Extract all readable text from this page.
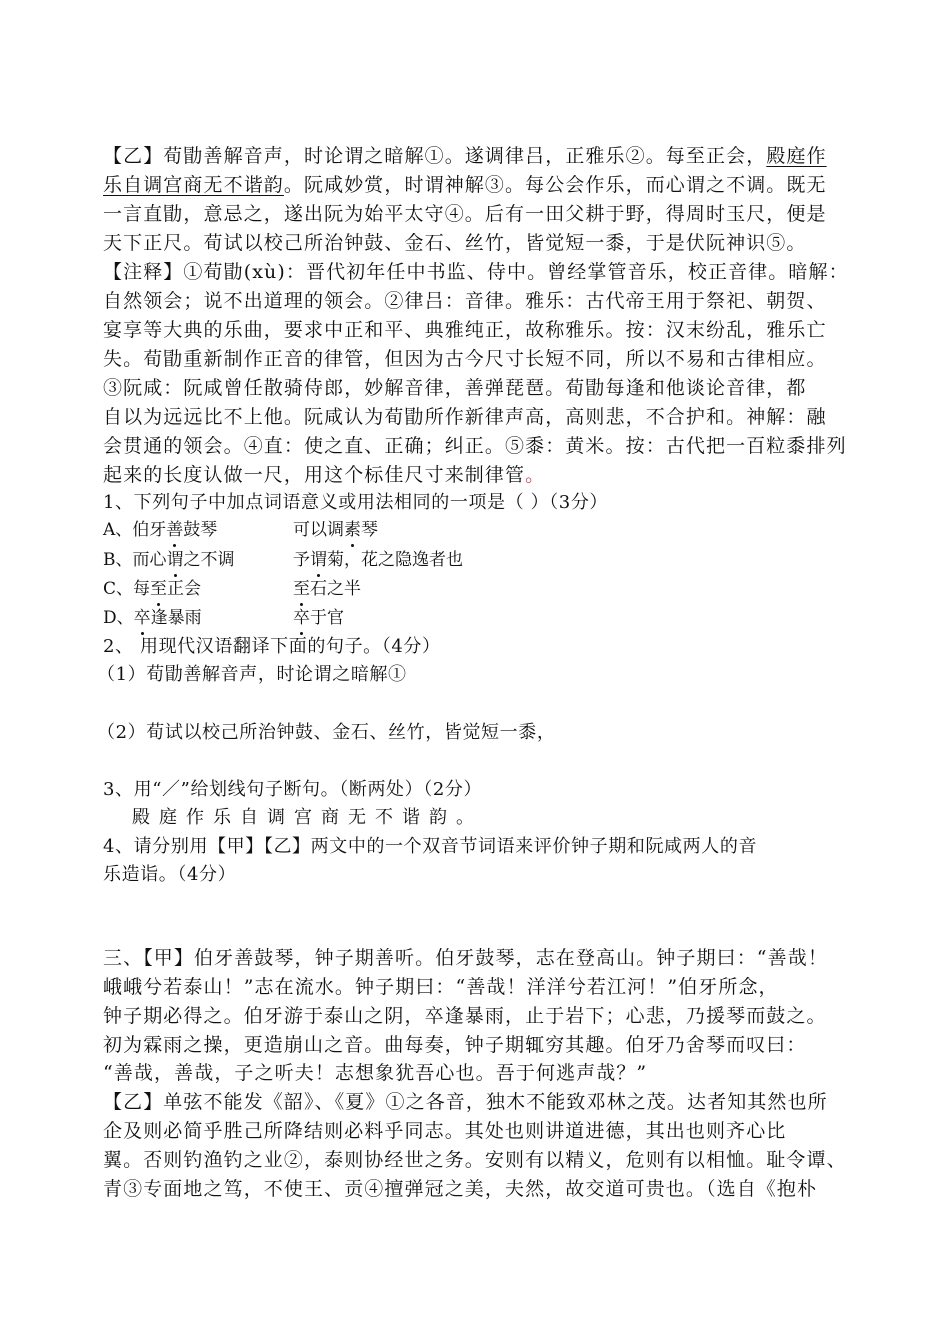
【乙】荀勖善解音声，时论谓之暗解①。遂调律吕，正雅乐②。每至正会，殿庭作
乐自调宫商无不谐韵。阮咸妙赏，时谓神解③。每公会作乐，而心谓之不调。既无
一言直勖，意忌之，遂出阮为始平太守④。后有一田父耕于野，得周时玉尺，便是
天下正尺。荀试以校己所治钟鼓、金石、丝竹，皆觉短一黍，于是伏阮神识⑤。
【注释】①荀勖(xù)：晋代初年任中书监、侍中。曾经掌管音乐，校正音律。暗解：
自然领会；说不出道理的领会。②律吕：音律。雅乐：古代帝王用于祭祀、朝贺、
宴享等大典的乐曲，要求中正和平、典雅纯正，故称雅乐。按：汉末纷乱，雅乐亡
失。荀勖重新制作正音的律管，但因为古今尺寸长短不同，所以不易和古律相应。
③阮咸：阮咸曾任散骑侍郎，妙解音律，善弹琵琶。荀勖每逢和他谈论音律，都
自以为远远比不上他。阮咸认为荀勖所作新律声高，高则悲，不合护和。神解：融
会贯通的领会。④直：使之直、正确；纠正。⑤黍：黄米。按：古代把一百粒黍排列
起来的长度认做一尺，用这个标佳尺寸来制律管。
1、下列句子中加点词语意义或用法相同的一项是（ ）（3分）
A、伯牙善鼓琴	可以调素琴
B、而心谓之不调	予谓菊，花之隐逸者也
C、每至正会	至石之半
D、卒逢暴雨	卒于官
2、 用现代汉语翻译下面的句子。（4分）
（1）荀勖善解音声，时论谓之暗解①
（2）荀试以校己所治钟鼓、金石、丝竹，皆觉短一黍，
3、用“／”给划线句子断句。（断两处）（2分）
殿庭作乐自调宫商无不谐韵。
4、请分别用【甲】【乙】两文中的一个双音节词语来评价钟子期和阮咸两人的音
乐造诣。（4分）
三、【甲】伯牙善鼓琴，钟子期善听。伯牙鼓琴，志在登高山。钟子期曰：“善哉！
峨峨兮若泰山！”志在流水。钟子期曰：“善哉！洋洋兮若江河！”伯牙所念，
钟子期必得之。伯牙游于泰山之阴，卒逢暴雨，止于岩下；心悲，乃援琴而鼓之。
初为霖雨之操，更造崩山之音。曲每奏，钟子期辄穷其趣。伯牙乃舍琴而叹曰：
“善哉，善哉，子之听夫！志想象犹吾心也。吾于何逃声哉？”
【乙】单弦不能发《韶》、《夏》①之各音，独木不能致邓林之茂。达者知其然也所
企及则必简乎胜己所降结则必料乎同志。其处也则讲道进德，其出也则齐心比
翼。否则钓渔钓之业②，泰则协经世之务。安则有以精义，危则有以相恤。耻令谭、
青③专面地之笃，不使王、贡④擅弹冠之美，夫然，故交道可贵也。（选自《抱朴
